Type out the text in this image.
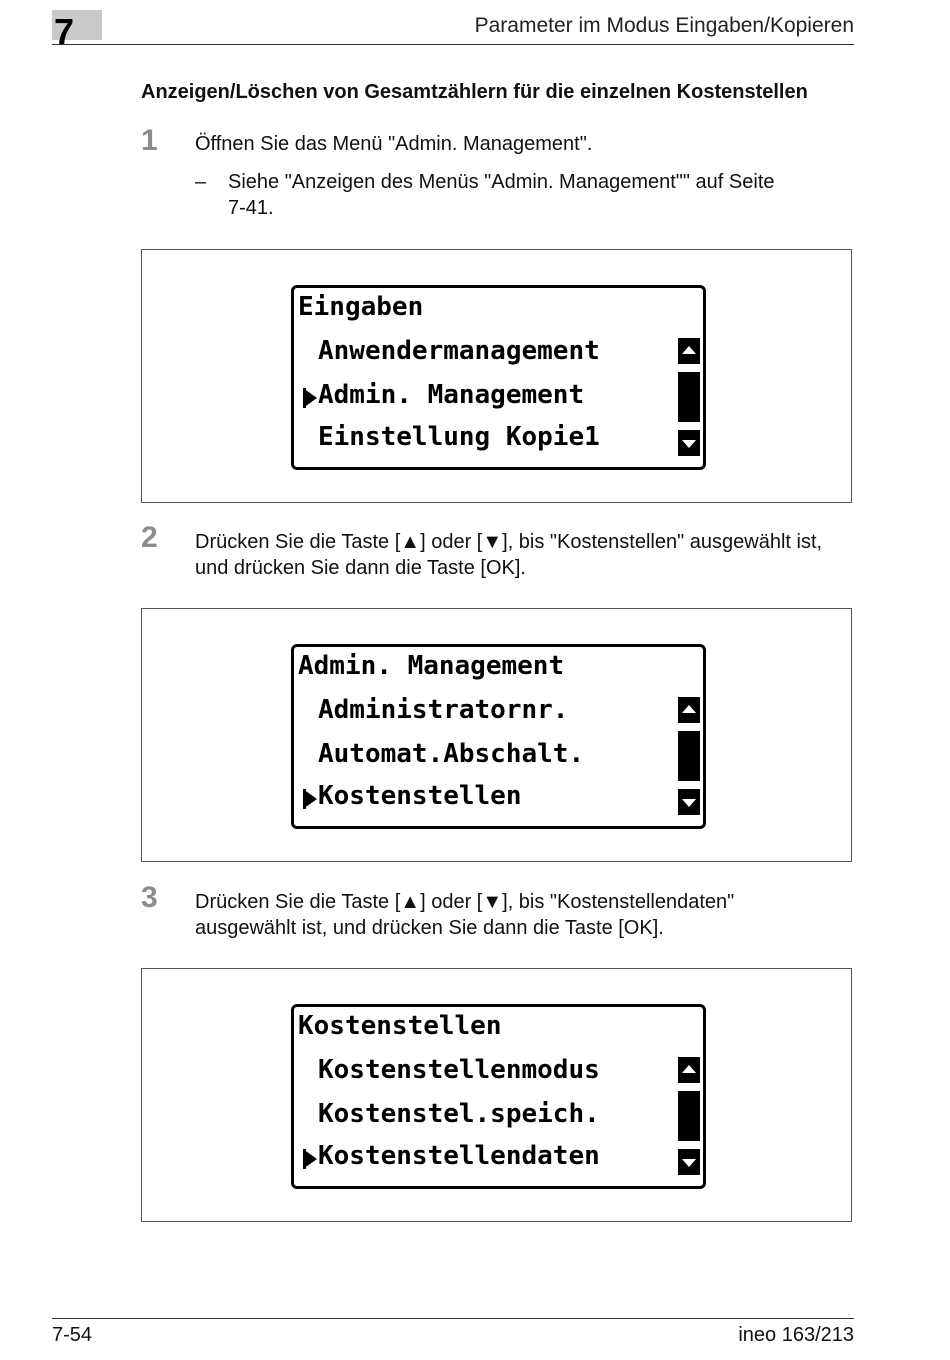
7	Parameter im Modus Eingaben/Kopieren
Anzeigen/Löschen von Gesamtzählern für die einzelnen Kostenstellen
1 Öffnen Sie das Menü "Admin. Management".
– Siehe "Anzeigen des Menüs "Admin. Management"" auf Seite 7-41.
Eingaben
Anwendermanagement
Admin. Management
Einstellung Kopie1
2 Drücken Sie die Taste [▲] oder [▼], bis "Kostenstellen" ausgewählt ist, und drücken Sie dann die Taste [OK].
Admin. Management
Administratornr.
Automat.Abschalt.
Kostenstellen
3 Drücken Sie die Taste [▲] oder [▼], bis "Kostenstellendaten" ausgewählt ist, und drücken Sie dann die Taste [OK].
Kostenstellen
Kostenstellenmodus
Kostenstel.speich.
Kostenstellendaten
7-54	ineo 163/213
